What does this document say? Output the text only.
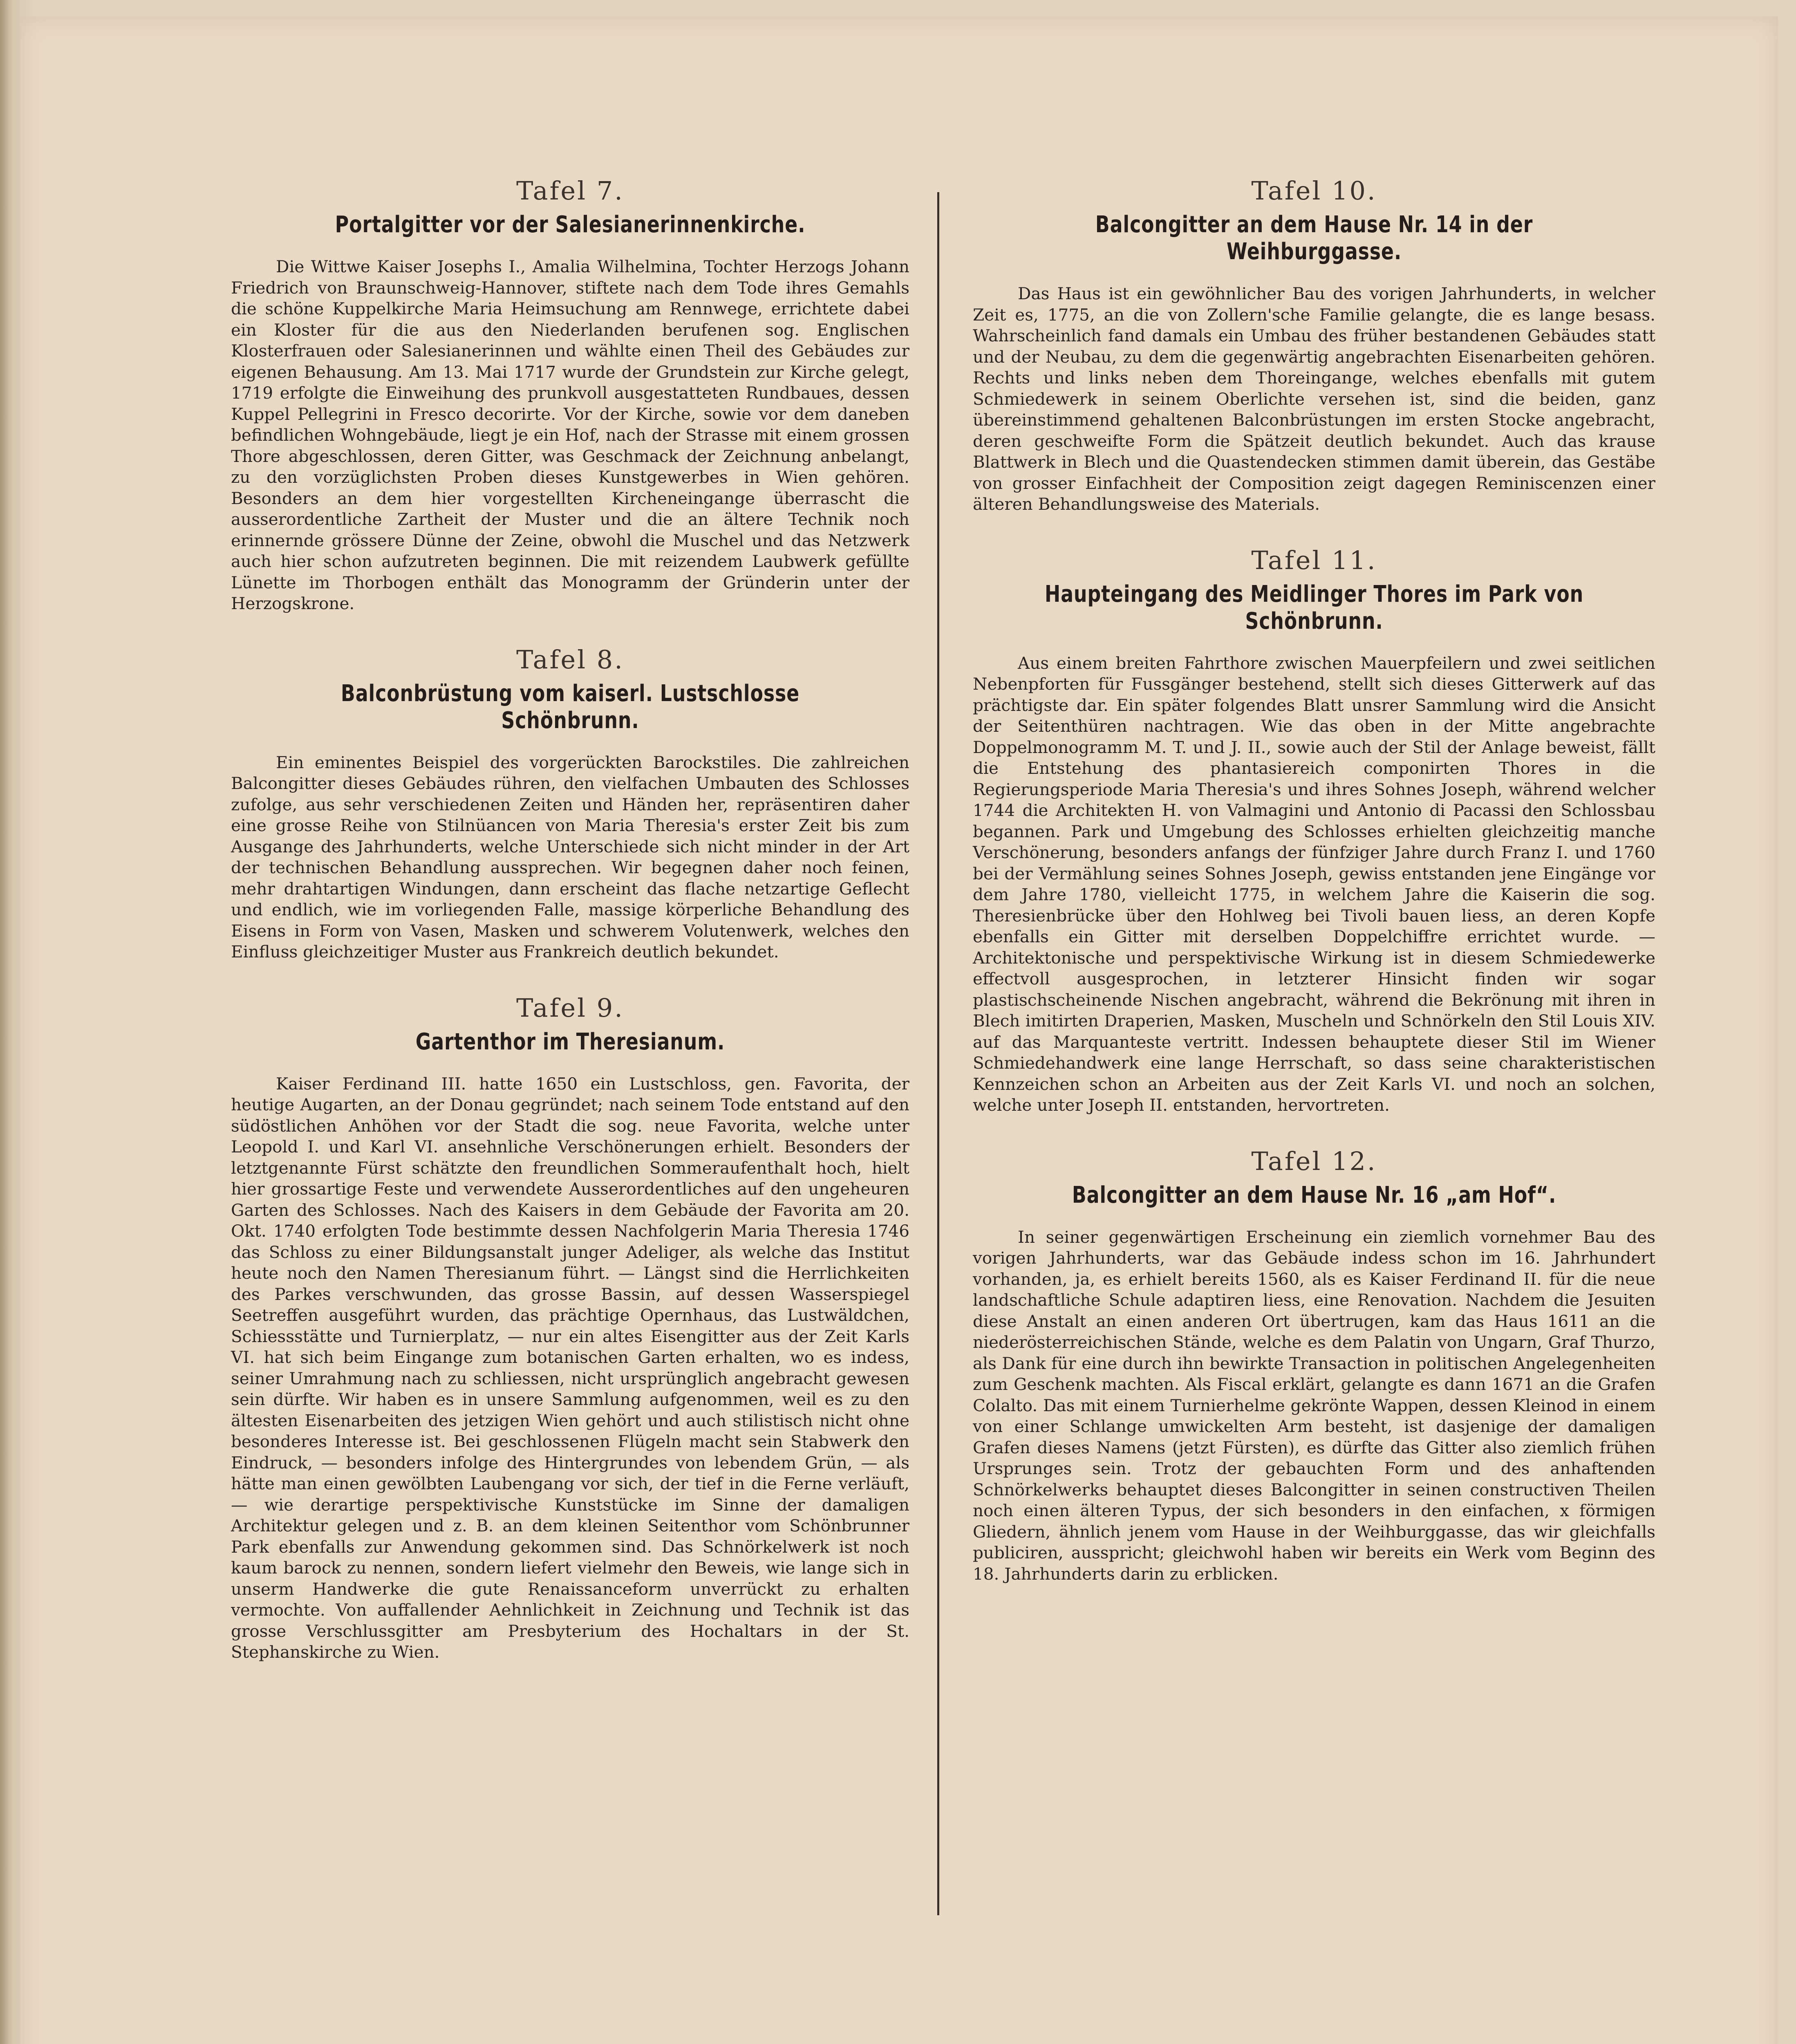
Tafel 7.
Portalgitter vor der Salesianerinnenkirche.

Die Wittwe Kaiser Josephs I., Amalia Wilhelmina, Tochter Herzogs Johann Friedrich von Braunschweig-Hannover, stiftete nach dem Tode ihres Gemahls die schöne Kuppelkirche Maria Heimsuchung am Rennwege, errichtete dabei ein Kloster für die aus den Niederlanden berufenen sog. Englischen Klosterfrauen oder Salesianerinnen und wählte einen Theil des Gebäudes zur eigenen Behausung. Am 13. Mai 1717 wurde der Grundstein zur Kirche gelegt, 1719 erfolgte die Einweihung des prunkvoll ausgestatteten Rundbaues, dessen Kuppel Pellegrini in Fresco decorirte. Vor der Kirche, sowie vor dem daneben befindlichen Wohngebäude, liegt je ein Hof, nach der Strasse mit einem grossen Thore abgeschlossen, deren Gitter, was Geschmack der Zeichnung anbelangt, zu den vorzüglichsten Proben dieses Kunstgewerbes in Wien gehören. Besonders an dem hier vorgestellten Kircheneingange überrascht die ausserordentliche Zartheit der Muster und die an ältere Technik noch erinnernde grössere Dünne der Zeine, obwohl die Muschel und das Netzwerk auch hier schon aufzutreten beginnen. Die mit reizendem Laubwerk gefüllte Lünette im Thorbogen enthält das Monogramm der Gründerin unter der Herzogskrone.

Tafel 8.
Balconbrüstung vom kaiserl. Lustschlosse Schönbrunn.

Ein eminentes Beispiel des vorgerückten Barockstiles. Die zahlreichen Balcongitter dieses Gebäudes rühren, den vielfachen Umbauten des Schlosses zufolge, aus sehr verschiedenen Zeiten und Händen her, repräsentiren daher eine grosse Reihe von Stilnüancen von Maria Theresia's erster Zeit bis zum Ausgange des Jahrhunderts, welche Unterschiede sich nicht minder in der Art der technischen Behandlung aussprechen. Wir begegnen daher noch feinen, mehr drahtartigen Windungen, dann erscheint das flache netzartige Geflecht und endlich, wie im vorliegenden Falle, massige körperliche Behandlung des Eisens in Form von Vasen, Masken und schwerem Volutenwerk, welches den Einfluss gleichzeitiger Muster aus Frankreich deutlich bekundet.

Tafel 9.
Gartenthor im Theresianum.

Kaiser Ferdinand III. hatte 1650 ein Lustschloss, gen. Favorita, der heutige Augarten, an der Donau gegründet; nach seinem Tode entstand auf den südöstlichen Anhöhen vor der Stadt die sog. neue Favorita, welche unter Leopold I. und Karl VI. ansehnliche Verschönerungen erhielt. Besonders der letztgenannte Fürst schätzte den freundlichen Sommeraufenthalt hoch, hielt hier grossartige Feste und verwendete Ausserordentliches auf den ungeheuren Garten des Schlosses. Nach des Kaisers in dem Gebäude der Favorita am 20. Okt. 1740 erfolgten Tode bestimmte dessen Nachfolgerin Maria Theresia 1746 das Schloss zu einer Bildungsanstalt junger Adeliger, als welche das Institut heute noch den Namen Theresianum führt. — Längst sind die Herrlichkeiten des Parkes verschwunden, das grosse Bassin, auf dessen Wasserspiegel Seetreffen ausgeführt wurden, das prächtige Opernhaus, das Lustwäldchen, Schiessstätte und Turnierplatz, — nur ein altes Eisengitter aus der Zeit Karls VI. hat sich beim Eingange zum botanischen Garten erhalten, wo es indess, seiner Umrahmung nach zu schliessen, nicht ursprünglich angebracht gewesen sein dürfte. Wir haben es in unsere Sammlung aufgenommen, weil es zu den ältesten Eisenarbeiten des jetzigen Wien gehört und auch stilistisch nicht ohne besonderes Interesse ist. Bei geschlossenen Flügeln macht sein Stabwerk den Eindruck, — besonders infolge des Hintergrundes von lebendem Grün, — als hätte man einen gewölbten Laubengang vor sich, der tief in die Ferne verläuft, — wie derartige perspektivische Kunststücke im Sinne der damaligen Architektur gelegen und z. B. an dem kleinen Seitenthor vom Schönbrunner Park ebenfalls zur Anwendung gekommen sind. Das Schnörkelwerk ist noch kaum barock zu nennen, sondern liefert vielmehr den Beweis, wie lange sich in unserm Handwerke die gute Renaissanceform unverrückt zu erhalten vermochte. Von auffallender Aehnlichkeit in Zeichnung und Technik ist das grosse Verschlussgitter am Presbyterium des Hochaltars in der St. Stephanskirche zu Wien.

Tafel 10.
Balcongitter an dem Hause Nr. 14 in der Weihburggasse.

Das Haus ist ein gewöhnlicher Bau des vorigen Jahrhunderts, in welcher Zeit es, 1775, an die von Zollern'sche Familie gelangte, die es lange besass. Wahrscheinlich fand damals ein Umbau des früher bestandenen Gebäudes statt und der Neubau, zu dem die gegenwärtig angebrachten Eisenarbeiten gehören. Rechts und links neben dem Thoreingange, welches ebenfalls mit gutem Schmiedewerk in seinem Oberlichte versehen ist, sind die beiden, ganz übereinstimmend gehaltenen Balconbrüstungen im ersten Stocke angebracht, deren geschweifte Form die Spätzeit deutlich bekundet. Auch das krause Blattwerk in Blech und die Quastendecken stimmen damit überein, das Gestäbe von grosser Einfachheit der Composition zeigt dagegen Reminiscenzen einer älteren Behandlungsweise des Materials.

Tafel 11.
Haupteingang des Meidlinger Thores im Park von Schönbrunn.

Aus einem breiten Fahrthore zwischen Mauerpfeilern und zwei seitlichen Nebenpforten für Fussgänger bestehend, stellt sich dieses Gitterwerk auf das prächtigste dar. Ein später folgendes Blatt unsrer Sammlung wird die Ansicht der Seitenthüren nachtragen. Wie das oben in der Mitte angebrachte Doppelmonogramm M. T. und J. II., sowie auch der Stil der Anlage beweist, fällt die Entstehung des phantasiereich componirten Thores in die Regierungsperiode Maria Theresia's und ihres Sohnes Joseph, während welcher 1744 die Architekten H. von Valmagini und Antonio di Pacassi den Schlossbau begannen. Park und Umgebung des Schlosses erhielten gleichzeitig manche Verschönerung, besonders anfangs der fünfziger Jahre durch Franz I. und 1760 bei der Vermählung seines Sohnes Joseph, gewiss entstanden jene Eingänge vor dem Jahre 1780, vielleicht 1775, in welchem Jahre die Kaiserin die sog. Theresienbrücke über den Hohlweg bei Tivoli bauen liess, an deren Kopfe ebenfalls ein Gitter mit derselben Doppelchiffre errichtet wurde. — Architektonische und perspektivische Wirkung ist in diesem Schmiedewerke effectvoll ausgesprochen, in letzterer Hinsicht finden wir sogar plastischscheinende Nischen angebracht, während die Bekrönung mit ihren in Blech imitirten Draperien, Masken, Muscheln und Schnörkeln den Stil Louis XIV. auf das Marquanteste vertritt. Indessen behauptete dieser Stil im Wiener Schmiedehandwerk eine lange Herrschaft, so dass seine charakteristischen Kennzeichen schon an Arbeiten aus der Zeit Karls VI. und noch an solchen, welche unter Joseph II. entstanden, hervortreten.

Tafel 12.
Balcongitter an dem Hause Nr. 16 „am Hof“.

In seiner gegenwärtigen Erscheinung ein ziemlich vornehmer Bau des vorigen Jahrhunderts, war das Gebäude indess schon im 16. Jahrhundert vorhanden, ja, es erhielt bereits 1560, als es Kaiser Ferdinand II. für die neue landschaftliche Schule adaptiren liess, eine Renovation. Nachdem die Jesuiten diese Anstalt an einen anderen Ort übertrugen, kam das Haus 1611 an die niederösterreichischen Stände, welche es dem Palatin von Ungarn, Graf Thurzo, als Dank für eine durch ihn bewirkte Transaction in politischen Angelegenheiten zum Geschenk machten. Als Fiscal erklärt, gelangte es dann 1671 an die Grafen Colalto. Das mit einem Turnierhelme gekrönte Wappen, dessen Kleinod in einem von einer Schlange umwickelten Arm besteht, ist dasjenige der damaligen Grafen dieses Namens (jetzt Fürsten), es dürfte das Gitter also ziemlich frühen Ursprunges sein. Trotz der gebauchten Form und des anhaftenden Schnörkelwerks behauptet dieses Balcongitter in seinen constructiven Theilen noch einen älteren Typus, der sich besonders in den einfachen, x förmigen Gliedern, ähnlich jenem vom Hause in der Weihburggasse, das wir gleichfalls publiciren, ausspricht; gleichwohl haben wir bereits ein Werk vom Beginn des 18. Jahrhunderts darin zu erblicken.
